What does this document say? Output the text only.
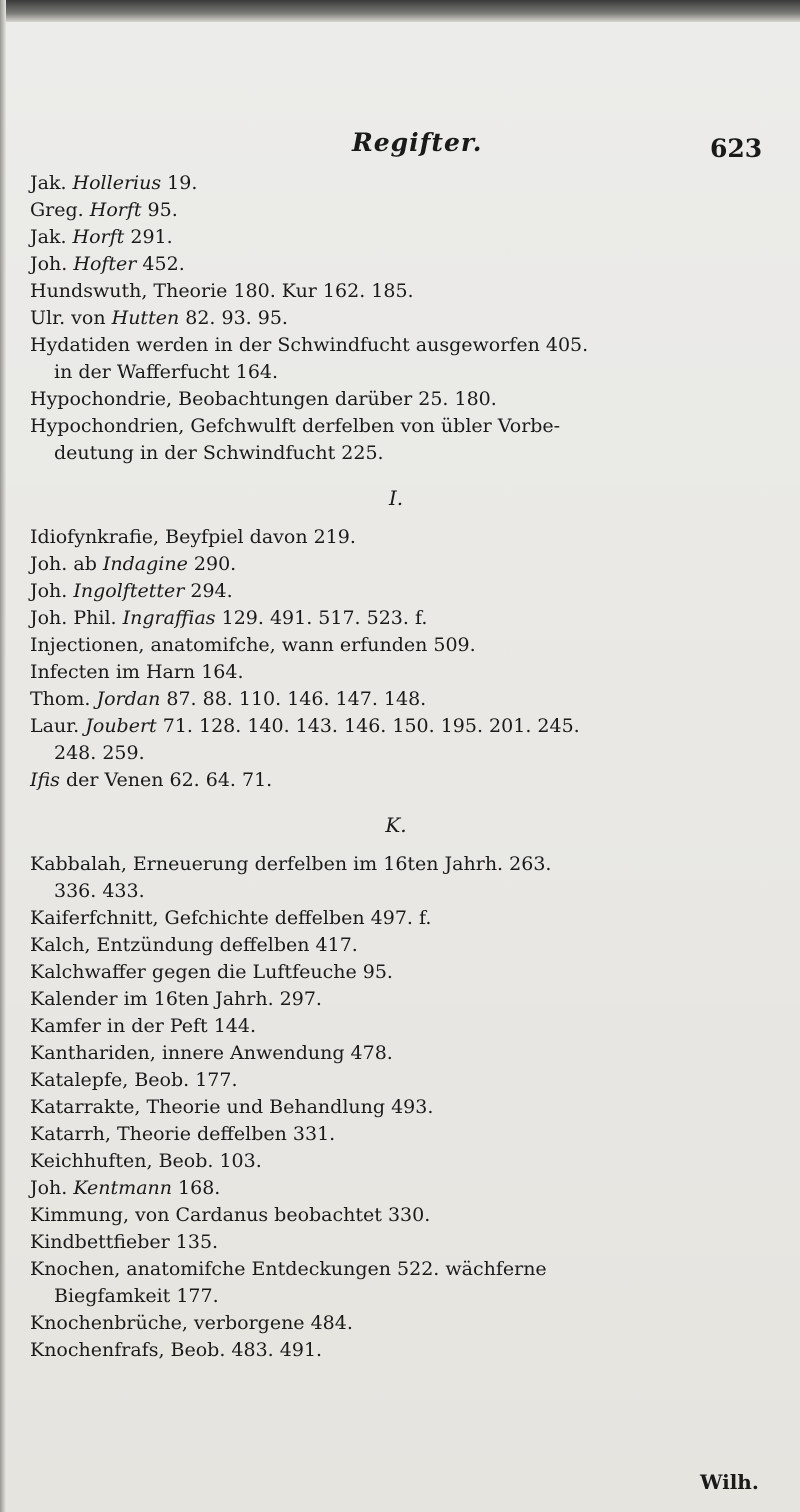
Regifter.	623
Jak. Hollerius 19.
Greg. Horft 95.
Jak. Horft 291.
Joh. Hofter 452.
Hundswuth, Theorie 180. Kur 162. 185.
Ulr. von Hutten 82. 93. 95.
Hydatiden werden in der Schwindfucht ausgeworfen 405.
in der Wafferfucht 164.
Hypochondrie, Beobachtungen darüber 25. 180.
Hypochondrien, Gefchwulft derfelben von übler Vorbe-
deutung in der Schwindfucht 225.
I.
Idiofynkrafie, Beyfpiel davon 219.
Joh. ab Indagine 290.
Joh. Ingolftetter 294.
Joh. Phil. Ingraffias 129. 491. 517. 523. f.
Injectionen, anatomifche, wann erfunden 509.
Infecten im Harn 164.
Thom. Jordan 87. 88. 110. 146. 147. 148.
Laur. Joubert 71. 128. 140. 143. 146. 150. 195. 201. 245.
248. 259.
Ifis der Venen 62. 64. 71.
K.
Kabbalah, Erneuerung derfelben im 16ten Jahrh. 263.
336. 433.
Kaiferfchnitt, Gefchichte deffelben 497. f.
Kalch, Entzündung deffelben 417.
Kalchwaffer gegen die Luftfeuche 95.
Kalender im 16ten Jahrh. 297.
Kamfer in der Peft 144.
Kanthariden, innere Anwendung 478.
Katalepfe, Beob. 177.
Katarrakte, Theorie und Behandlung 493.
Katarrh, Theorie deffelben 331.
Keichhuften, Beob. 103.
Joh. Kentmann 168.
Kimmung, von Cardanus beobachtet 330.
Kindbettfieber 135.
Knochen, anatomifche Entdeckungen 522. wächferne
Biegfamkeit 177.
Knochenbrüche, verborgene 484.
Knochenfrafs, Beob. 483. 491.
Wilh.
